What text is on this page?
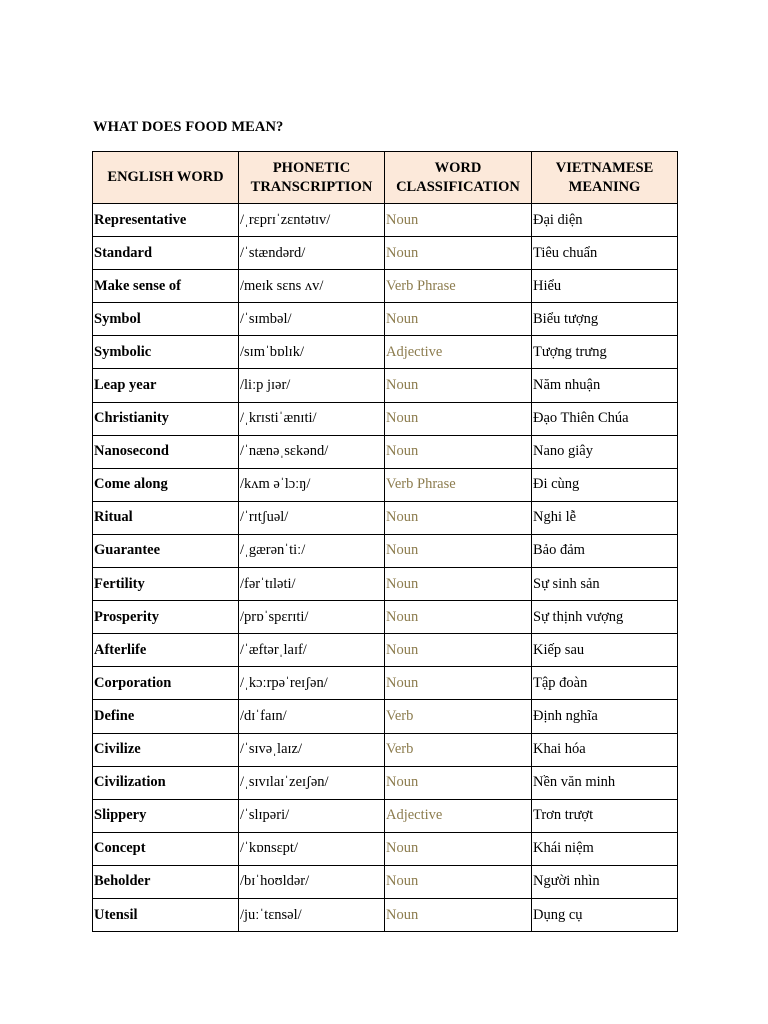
WHAT DOES FOOD MEAN?
ENGLISH WORD	PHONETIC TRANSCRIPTION	WORD CLASSIFICATION	VIETNAMESE MEANING
Representative	/ˌrɛprɪˈzɛntətɪv/	Noun	Đại diện
Standard	/ˈstændərd/	Noun	Tiêu chuẩn
Make sense of	/meɪk sɛns ʌv/	Verb Phrase	Hiểu
Symbol	/ˈsɪmbəl/	Noun	Biểu tượng
Symbolic	/sɪmˈbɒlɪk/	Adjective	Tượng trưng
Leap year	/liːp jɪər/	Noun	Năm nhuận
Christianity	/ˌkrɪstiˈænɪti/	Noun	Đạo Thiên Chúa
Nanosecond	/ˈnænəˌsɛkənd/	Noun	Nano giây
Come along	/kʌm əˈlɔːŋ/	Verb Phrase	Đi cùng
Ritual	/ˈrɪtʃuəl/	Noun	Nghi lễ
Guarantee	/ˌgærənˈtiː/	Noun	Bảo đảm
Fertility	/fərˈtɪləti/	Noun	Sự sinh sản
Prosperity	/prɒˈspɛrɪti/	Noun	Sự thịnh vượng
Afterlife	/ˈæftərˌlaɪf/	Noun	Kiếp sau
Corporation	/ˌkɔːrpəˈreɪʃən/	Noun	Tập đoàn
Define	/dɪˈfaɪn/	Verb	Định nghĩa
Civilize	/ˈsɪvəˌlaɪz/	Verb	Khai hóa
Civilization	/ˌsɪvɪlaɪˈzeɪʃən/	Noun	Nền văn minh
Slippery	/ˈslɪpəri/	Adjective	Trơn trượt
Concept	/ˈkɒnsɛpt/	Noun	Khái niệm
Beholder	/bɪˈhoʊldər/	Noun	Người nhìn
Utensil	/juːˈtɛnsəl/	Noun	Dụng cụ
